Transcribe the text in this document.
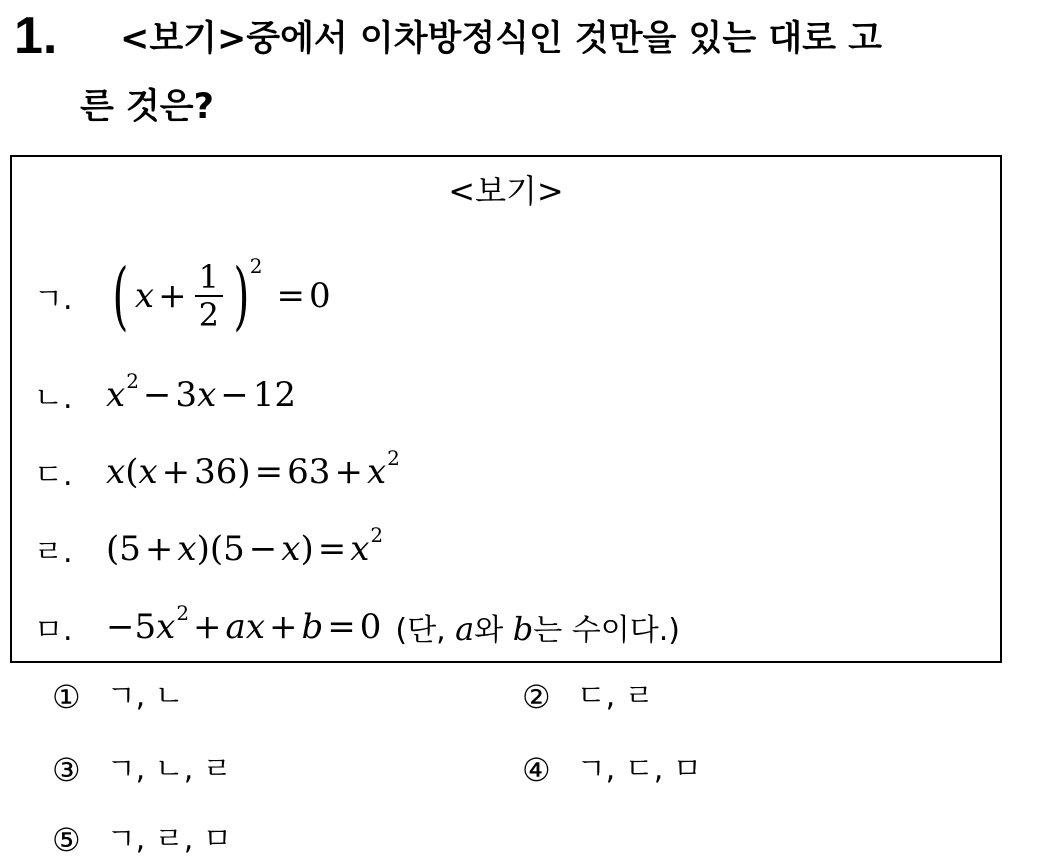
1. <보기>중에서 이차방정식인 것만을 있는 대로 고
른 것은?
<보기>
ㄱ. ( $x + \frac{1}{2} )^2$
= 0
ㄴ. $x^2 - 3$ x − 12
ㄷ. x ( $x + 36) = 63 + x^2$
ㄹ. (5 + x )(5 − x ) = $x^2$
ㅁ. −5 $x^2$ + ax + b = 0 (단, a와 b는 수이다.)
① ㄱ, ㄴ	② ㄷ, ㄹ
③ ㄱ, ㄴ, ㄹ	④ ㄱ, ㄷ, ㅁ
⑤ ㄱ, ㄹ, ㅁ
